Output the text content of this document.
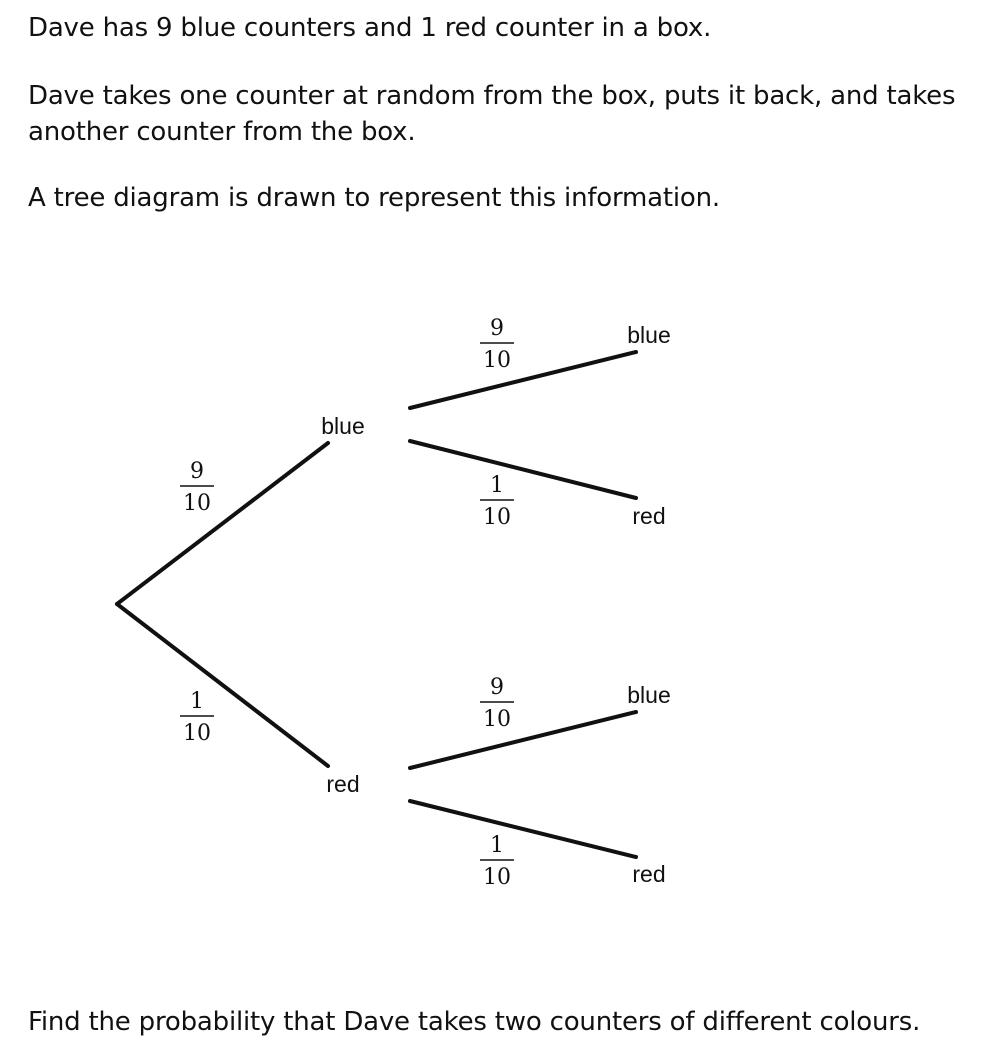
Dave has 9 blue counters and 1 red counter in a box.

Dave takes one counter at random from the box, puts it back, and takes another counter from the box.

A tree diagram is drawn to represent this information.

blue
red
9
10
1
10
blue
red
9
10
1
10
blue
red
9
10
1
10

Find the probability that Dave takes two counters of different colours.
